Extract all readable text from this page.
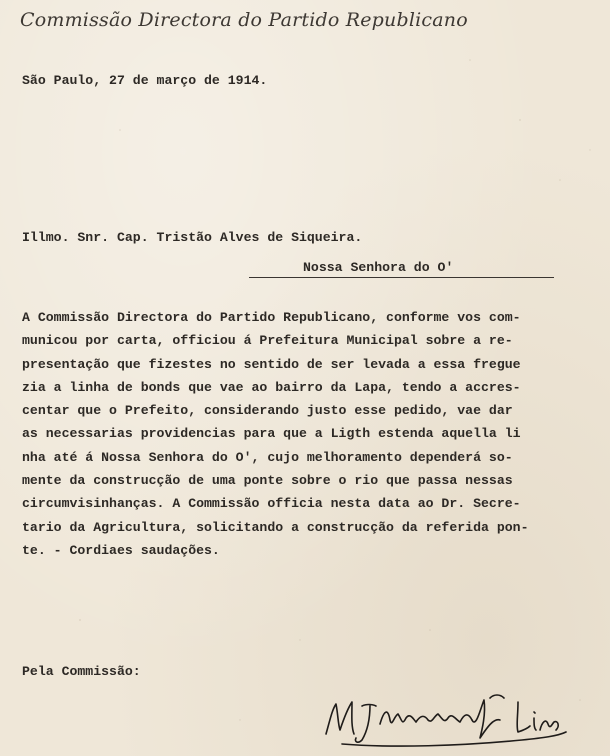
Commissão Directora do Partido Republicano
São Paulo, 27 de março de 1914.
Illmo. Snr. Cap. Tristão Alves de Siqueira.
Nossa Senhora do O'
A Commissão Directora do Partido Republicano, conforme vos com-
municou por carta, officiou á Prefeitura Municipal sobre a re-
presentação que fizestes no sentido de ser levada a essa fregue
zia a linha de bonds que vae ao bairro da Lapa, tendo a accres-
centar que o Prefeito, considerando justo esse pedido, vae dar
as necessarias providencias para que a Ligth estenda aquella li
nha até á Nossa Senhora do O', cujo melhoramento dependerá so-
mente da construcção de uma ponte sobre o rio que passa nessas
circumvisinhanças. A Commissão officia nesta data ao Dr. Secre-
tario da Agricultura, solicitando a construcção da referida pon-
te. - Cordiaes saudações.
Pela Commissão:
